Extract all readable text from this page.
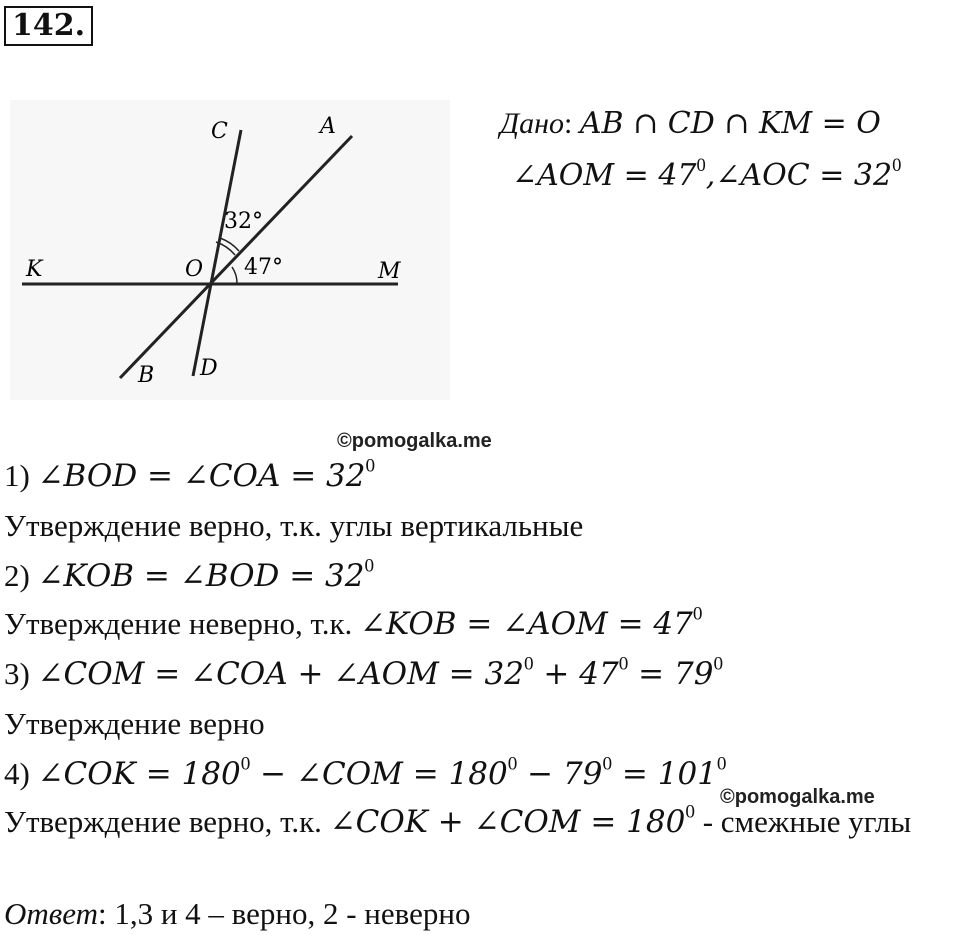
142.
C	A
K	O	M
B D
32°
47°
Дано: AB ∩ CD ∩ KM = O
∠AOM = $47^0,\angle AOC = 32^0$
©pomogalka.me
1) ∠BOD = ∠COA = $32^0$
Утверждение верно, т.к. углы вертикальные
2) ∠KOB = ∠BOD = $32^0$
Утверждение неверно, т.к. ∠KOB = ∠AOM = $47^0$
3) ∠COM = ∠COA + ∠AOM = $32^0 + 47^0 = 79^0$
Утверждение верно
4) ∠COK = $180^0$ − ∠COM = $180^0 - 79^0 = 101^0$
©pomogalka.me
Утверждение верно, т.к. ∠COK + ∠COM = $180^0$ - смежные углы
Ответ: 1,3 и 4 – верно, 2 - неверно
